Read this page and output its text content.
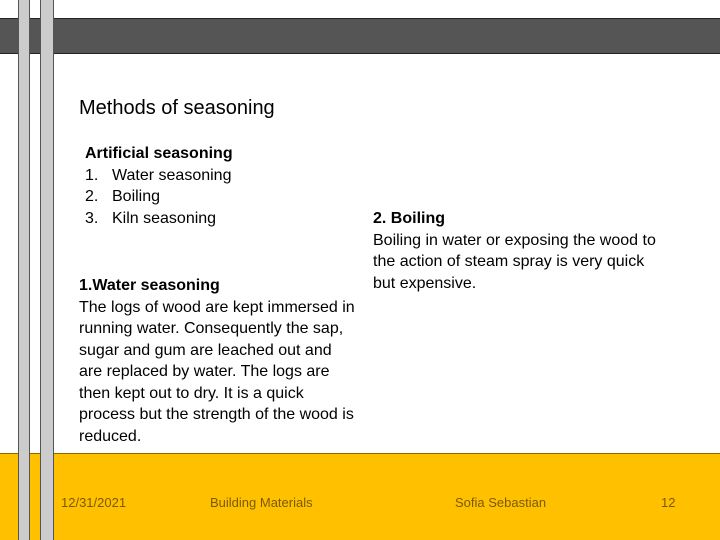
Methods of seasoning
Artificial seasoning
1. Water seasoning
2. Boiling
3. Kiln seasoning
1.Water seasoning
The logs of wood are kept immersed in running water. Consequently the sap, sugar and gum are leached out and are replaced by water. The logs are then kept out to dry. It is a quick process but the strength of the wood is reduced.
2. Boiling
Boiling in water or exposing the wood to the action of steam spray is very quick but expensive.
12/31/2021	Building Materials	Sofia Sebastian	12
